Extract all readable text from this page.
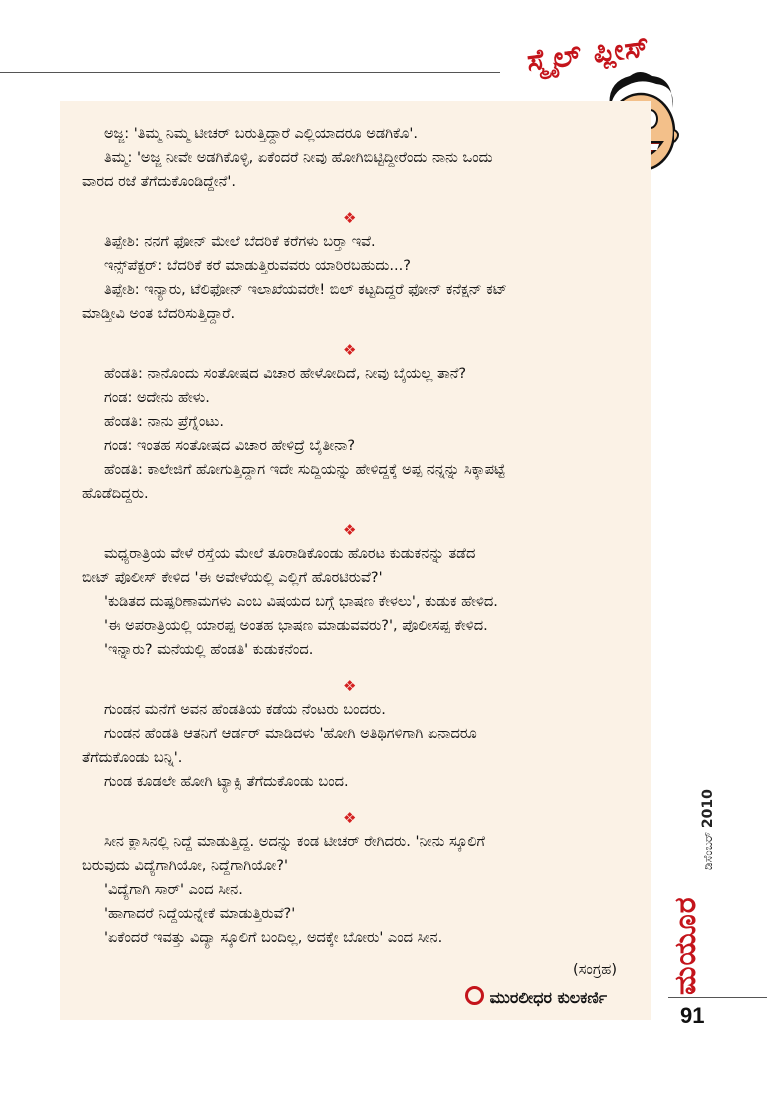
ಸ್ಮೈಲ್ ಪ್ಲೀಸ್

ಅಜ್ಜ: 'ತಿಮ್ಮ ನಿಮ್ಮ ಟೀಚರ್ ಬರುತ್ತಿದ್ದಾರೆ ಎಲ್ಲಿಯಾದರೂ ಅಡಗಿಕೊ'.

ತಿಮ್ಮ: 'ಅಜ್ಜ ನೀವೇ ಅಡಗಿಕೊಳ್ಳಿ, ಏಕೆಂದರೆ ನೀವು ಹೋಗಿಬಿಟ್ಟಿದ್ದೀರೆಂದು ನಾನು ಒಂದು

ವಾರದ ರಜೆ ತೆಗೆದುಕೊಂಡಿದ್ದೇನೆ'.

❖

ತಿಪ್ಪೇಶಿ: ನನಗೆ ಫೋನ್ ಮೇಲೆ ಬೆದರಿಕೆ ಕರೆಗಳು ಬರ್‍ತಾ ಇವೆ.

ಇನ್ಸ್‌ಪೆಕ್ಟರ್: ಬೆದರಿಕೆ ಕರೆ ಮಾಡುತ್ತಿರುವವರು ಯಾರಿರಬಹುದು...?

ತಿಪ್ಪೇಶಿ: ಇನ್ಯಾರು, ಟೆಲಿಫೋನ್ ಇಲಾಖೆಯವರೇ! ಬಿಲ್ ಕಟ್ಟದಿದ್ದರೆ ಫೋನ್ ಕನೆಕ್ಷನ್ ಕಟ್

ಮಾಡ್ತೀವಿ ಅಂತ ಬೆದರಿಸುತ್ತಿದ್ದಾರೆ.

❖

ಹೆಂಡತಿ: ನಾನೊಂದು ಸಂತೋಷದ ವಿಚಾರ ಹೇಳೋದಿದೆ, ನೀವು ಬೈಯಲ್ಲ ತಾನೆ?

ಗಂಡ: ಅದೇನು ಹೇಳು.

ಹೆಂಡತಿ: ನಾನು ಪ್ರೆಗ್ನೆಂಟು.

ಗಂಡ: ಇಂತಹ ಸಂತೋಷದ ವಿಚಾರ ಹೇಳಿದ್ರೆ ಬೈತೀನಾ?

ಹೆಂಡತಿ: ಕಾಲೇಜಿಗೆ ಹೋಗುತ್ತಿದ್ದಾಗ ಇದೇ ಸುದ್ದಿಯನ್ನು ಹೇಳಿದ್ದಕ್ಕೆ ಅಪ್ಪ ನನ್ನನ್ನು ಸಿಕ್ಕಾಪಟ್ಟೆ

ಹೊಡೆದಿದ್ದರು.

❖

ಮಧ್ಯರಾತ್ರಿಯ ವೇಳೆ ರಸ್ತೆಯ ಮೇಲೆ ತೂರಾಡಿಕೊಂಡು ಹೊರಟ ಕುಡುಕನನ್ನು ತಡೆದ

ಬೀಟ್ ಪೊಲೀಸ್ ಕೇಳಿದ 'ಈ ಅವೇಳೆಯಲ್ಲಿ ಎಲ್ಲಿಗೆ ಹೊರಟಿರುವೆ?'

'ಕುಡಿತದ ದುಷ್ಪರಿಣಾಮಗಳು ಎಂಬ ವಿಷಯದ ಬಗ್ಗೆ ಭಾಷಣ ಕೇಳಲು', ಕುಡುಕ ಹೇಳಿದ.

'ಈ ಅಪರಾತ್ರಿಯಲ್ಲಿ ಯಾರಪ್ಪ ಅಂತಹ ಭಾಷಣ ಮಾಡುವವರು?', ಪೊಲೀಸಪ್ಪ ಕೇಳಿದ.

'ಇನ್ನಾರು? ಮನೆಯಲ್ಲಿ ಹೆಂಡತಿ' ಕುಡುಕನೆಂದ.

❖

ಗುಂಡನ ಮನೆಗೆ ಅವನ ಹೆಂಡತಿಯ ಕಡೆಯ ನೆಂಟರು ಬಂದರು.

ಗುಂಡನ ಹೆಂಡತಿ ಆತನಿಗೆ ಆರ್ಡರ್ ಮಾಡಿದಳು 'ಹೋಗಿ ಅತಿಥಿಗಳಿಗಾಗಿ ಏನಾದರೂ

ತೆಗೆದುಕೊಂಡು ಬನ್ನಿ'.

ಗುಂಡ ಕೂಡಲೇ ಹೋಗಿ ಟ್ಯಾಕ್ಸಿ ತೆಗೆದುಕೊಂಡು ಬಂದ.

❖

ಸೀನ ಕ್ಲಾಸಿನಲ್ಲಿ ನಿದ್ದೆ ಮಾಡುತ್ತಿದ್ದ. ಅದನ್ನು ಕಂಡ ಟೀಚರ್ ರೇಗಿದರು. 'ನೀನು ಸ್ಕೂಲಿಗೆ

ಬರುವುದು ವಿದ್ಯೆಗಾಗಿಯೋ, ನಿದ್ದೆಗಾಗಿಯೋ?'

'ವಿದ್ಯೆಗಾಗಿ ಸಾರ್' ಎಂದ ಸೀನ.

'ಹಾಗಾದರೆ ನಿದ್ದೆಯನ್ನೇಕೆ ಮಾಡುತ್ತಿರುವೆ?'

'ಏಕೆಂದರೆ ಇವತ್ತು ವಿದ್ಯಾ ಸ್ಕೂಲಿಗೆ ಬಂದಿಲ್ಲ, ಅದಕ್ಕೇ ಬೋರು' ಎಂದ ಸೀನ.

(ಸಂಗ್ರಹ)
ಮುರಲೀಧರ ಕುಲಕರ್ಣಿ
ಡಿಸೆಂಬರ್ 2010
ಮಯೂರ
91
